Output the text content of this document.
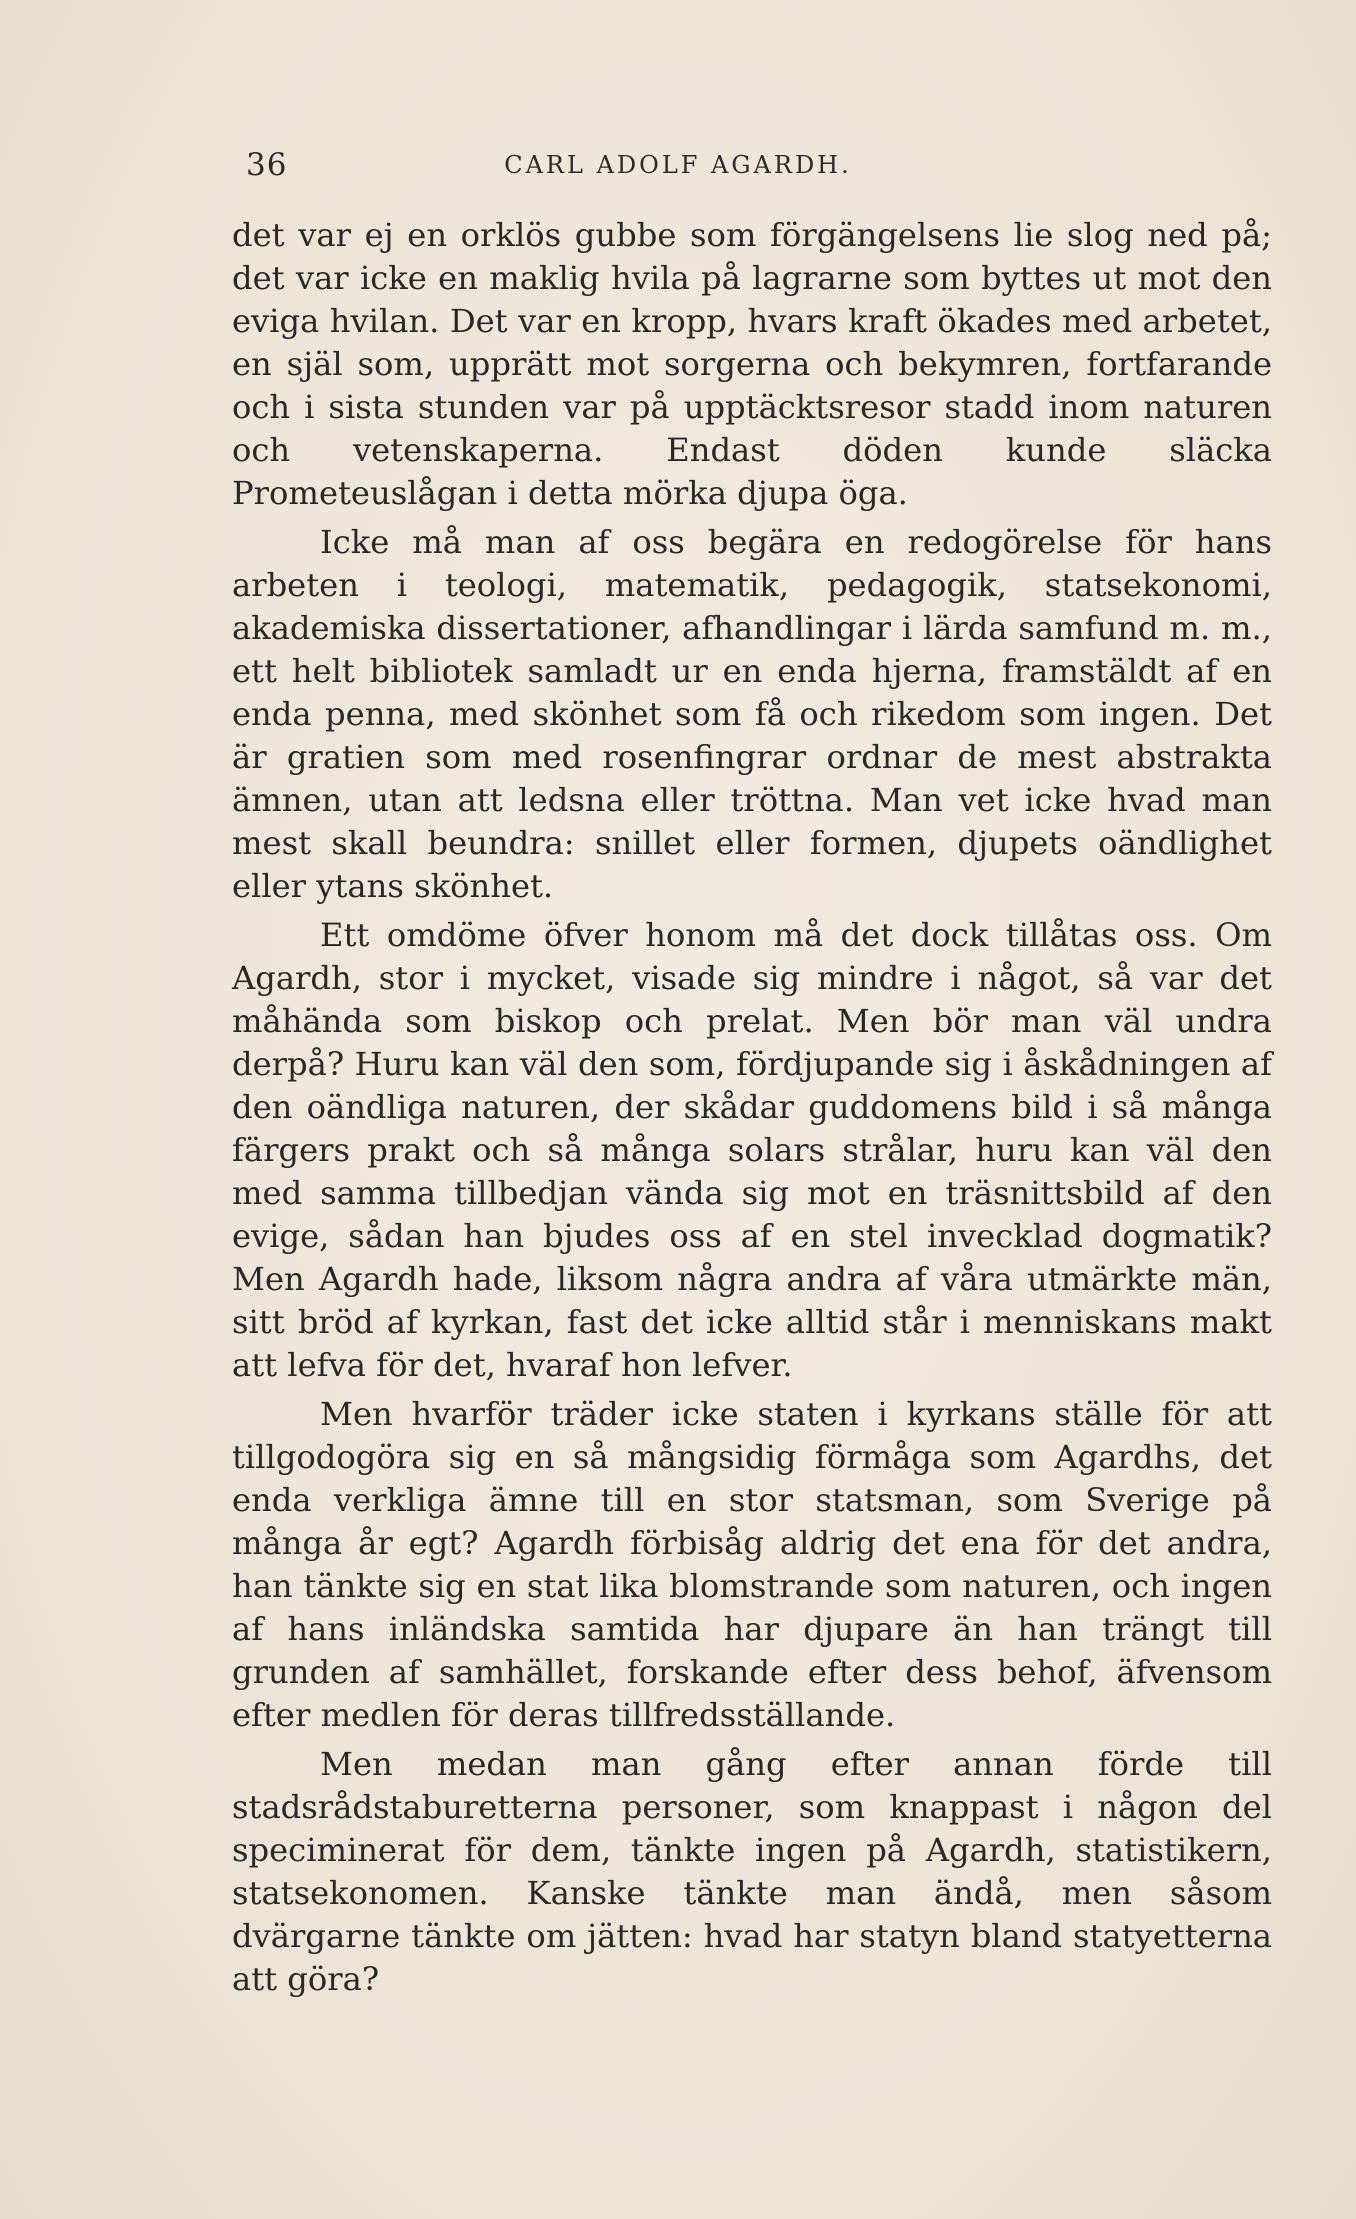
36	CARL ADOLF AGARDH.

det var ej en orklös gubbe som förgängelsens lie slog ned på; det var icke en maklig hvila på lagrarne som byttes ut mot den eviga hvilan. Det var en kropp, hvars kraft ökades med arbetet, en själ som, upprätt mot sorgerna och bekymren, fortfarande och i sista stunden var på upptäcktsresor stadd inom naturen och vetenskaperna. Endast döden kunde släcka Prometeuslågan i detta mörka djupa öga.

Icke må man af oss begära en redogörelse för hans arbeten i teologi, matematik, pedagogik, statsekonomi, akademiska dissertationer, afhandlingar i lärda samfund m. m., ett helt bibliotek samladt ur en enda hjerna, framstäldt af en enda penna, med skönhet som få och rikedom som ingen. Det är gratien som med rosenfingrar ordnar de mest abstrakta ämnen, utan att ledsna eller tröttna. Man vet icke hvad man mest skall beundra: snillet eller formen, djupets oändlighet eller ytans skönhet.

Ett omdöme öfver honom må det dock tillåtas oss. Om Agardh, stor i mycket, visade sig mindre i något, så var det måhända som biskop och prelat. Men bör man väl undra derpå? Huru kan väl den som, fördjupande sig i åskådningen af den oändliga naturen, der skådar guddomens bild i så många färgers prakt och så många solars strålar, huru kan väl den med samma tillbedjan vända sig mot en träsnittsbild af den evige, sådan han bjudes oss af en stel invecklad dogmatik? Men Agardh hade, liksom några andra af våra utmärkte män, sitt bröd af kyrkan, fast det icke alltid står i menniskans makt att lefva för det, hvaraf hon lefver.

Men hvarför träder icke staten i kyrkans ställe för att tillgodogöra sig en så mångsidig förmåga som Agardhs, det enda verkliga ämne till en stor statsman, som Sverige på många år egt? Agardh förbisåg aldrig det ena för det andra, han tänkte sig en stat lika blomstrande som naturen, och ingen af hans inländska samtida har djupare än han trängt till grunden af samhället, forskande efter dess behof, äfvensom efter medlen för deras tillfredsställande.

Men medan man gång efter annan förde till stadsrådstaburetterna personer, som knappast i någon del speciminerat för dem, tänkte ingen på Agardh, statistikern, statsekonomen. Kanske tänkte man ändå, men såsom dvärgarne tänkte om jätten: hvad har statyn bland statyetterna att göra?
